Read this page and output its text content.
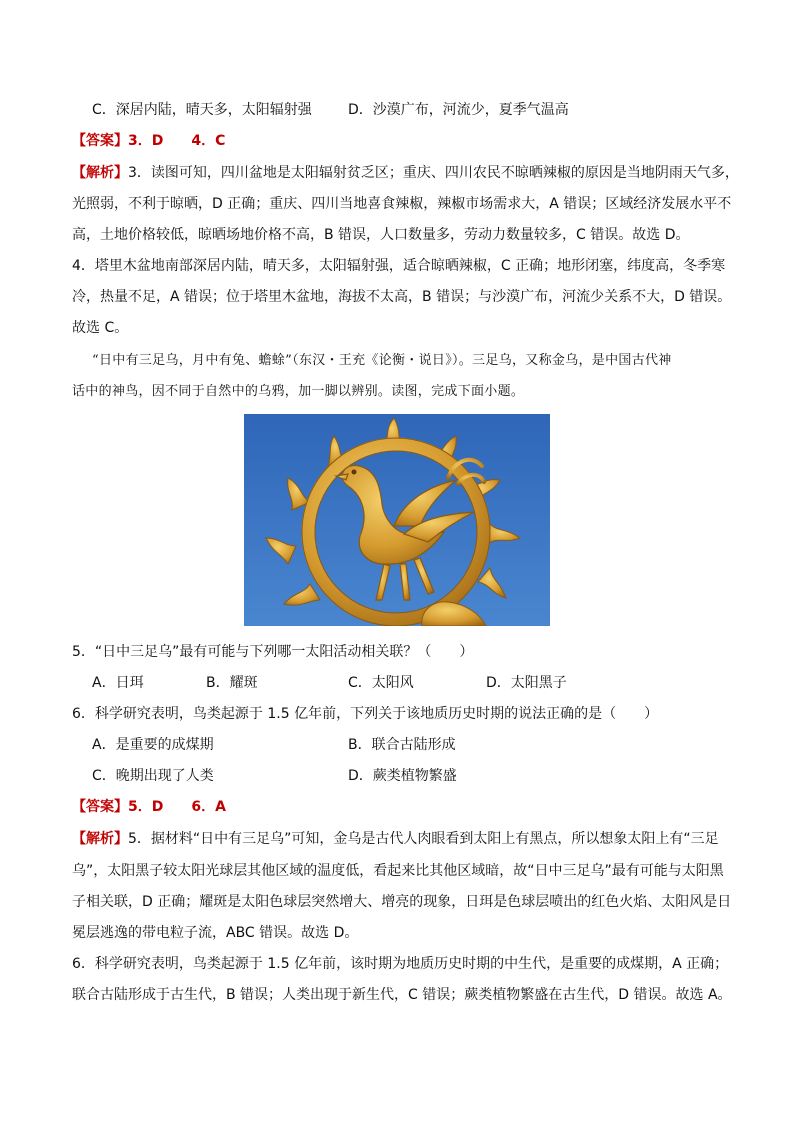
C．深居内陆，晴天多，太阳辐射强	D．沙漠广布，河流少，夏季气温高
【答案】3．D　　4．C
【解析】3．读图可知，四川盆地是太阳辐射贫乏区；重庆、四川农民不晾晒辣椒的原因是当地阴雨天气多，
光照弱，不利于晾晒，D 正确；重庆、四川当地喜食辣椒，辣椒市场需求大，A 错误；区域经济发展水平不
高，土地价格较低，晾晒场地价格不高，B 错误，人口数量多，劳动力数量较多，C 错误。故选 D。
4．塔里木盆地南部深居内陆，晴天多，太阳辐射强，适合晾晒辣椒，C 正确；地形闭塞，纬度高，冬季寒
冷，热量不足，A 错误；位于塔里木盆地，海拔不太高，B 错误；与沙漠广布，河流少关系不大，D 错误。
故选 C。
“日中有三足乌，月中有兔、蟾蜍”（东汉・王充《论衡・说日》）。三足乌，又称金乌，是中国古代神
话中的神鸟，因不同于自然中的乌鸦，加一脚以辨别。读图，完成下面小题。
5．“日中三足乌”最有可能与下列哪一太阳活动相关联？（　　）
A．日珥	B．耀斑	C．太阳风	D．太阳黑子
6．科学研究表明，鸟类起源于 1.5 亿年前，下列关于该地质历史时期的说法正确的是（　　）
A．是重要的成煤期	B．联合古陆形成
C．晚期出现了人类	D．蕨类植物繁盛
【答案】5．D　　6．A
【解析】5．据材料“日中有三足乌”可知，金乌是古代人肉眼看到太阳上有黑点，所以想象太阳上有“三足
乌”，太阳黑子较太阳光球层其他区域的温度低，看起来比其他区域暗，故“日中三足乌”最有可能与太阳黑
子相关联，D 正确；耀斑是太阳色球层突然增大、增亮的现象，日珥是色球层喷出的红色火焰、太阳风是日
冕层逃逸的带电粒子流，ABC 错误。故选 D。
6．科学研究表明，鸟类起源于 1.5 亿年前，该时期为地质历史时期的中生代，是重要的成煤期，A 正确；
联合古陆形成于古生代，B 错误；人类出现于新生代，C 错误；蕨类植物繁盛在古生代，D 错误。故选 A。
